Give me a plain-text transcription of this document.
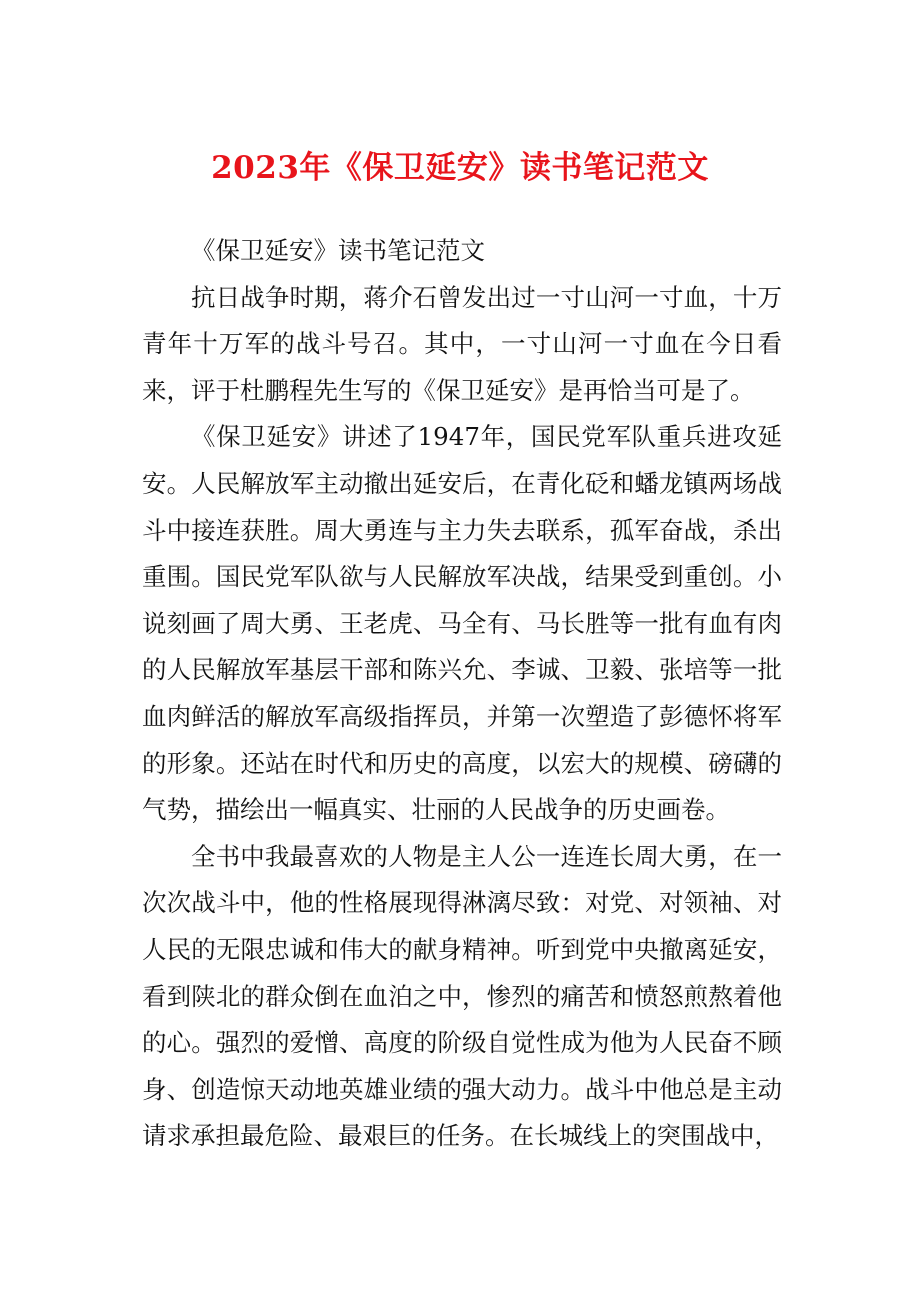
2023年《保卫延安》读书笔记范文

《保卫延安》读书笔记范文

抗日战争时期，蒋介石曾发出过一寸山河一寸血，十万青年十万军的战斗号召。其中，一寸山河一寸血在今日看来，评于杜鹏程先生写的《保卫延安》是再恰当可是了。

《保卫延安》讲述了1947年，国民党军队重兵进攻延安。人民解放军主动撤出延安后，在青化砭和蟠龙镇两场战斗中接连获胜。周大勇连与主力失去联系，孤军奋战，杀出重围。国民党军队欲与人民解放军决战，结果受到重创。小说刻画了周大勇、王老虎、马全有、马长胜等一批有血有肉的人民解放军基层干部和陈兴允、李诚、卫毅、张培等一批血肉鲜活的解放军高级指挥员，并第一次塑造了彭德怀将军的形象。还站在时代和历史的高度，以宏大的规模、磅礴的气势，描绘出一幅真实、壮丽的人民战争的历史画卷。

全书中我最喜欢的人物是主人公一连连长周大勇，在一次次战斗中，他的性格展现得淋漓尽致：对党、对领袖、对人民的无限忠诚和伟大的献身精神。听到党中央撤离延安，看到陕北的群众倒在血泊之中，惨烈的痛苦和愤怒煎熬着他的心。强烈的爱憎、高度的阶级自觉性成为他为人民奋不顾身、创造惊天动地英雄业绩的强大动力。战斗中他总是主动请求承担最危险、最艰巨的任务。在长城线上的突围战中，
